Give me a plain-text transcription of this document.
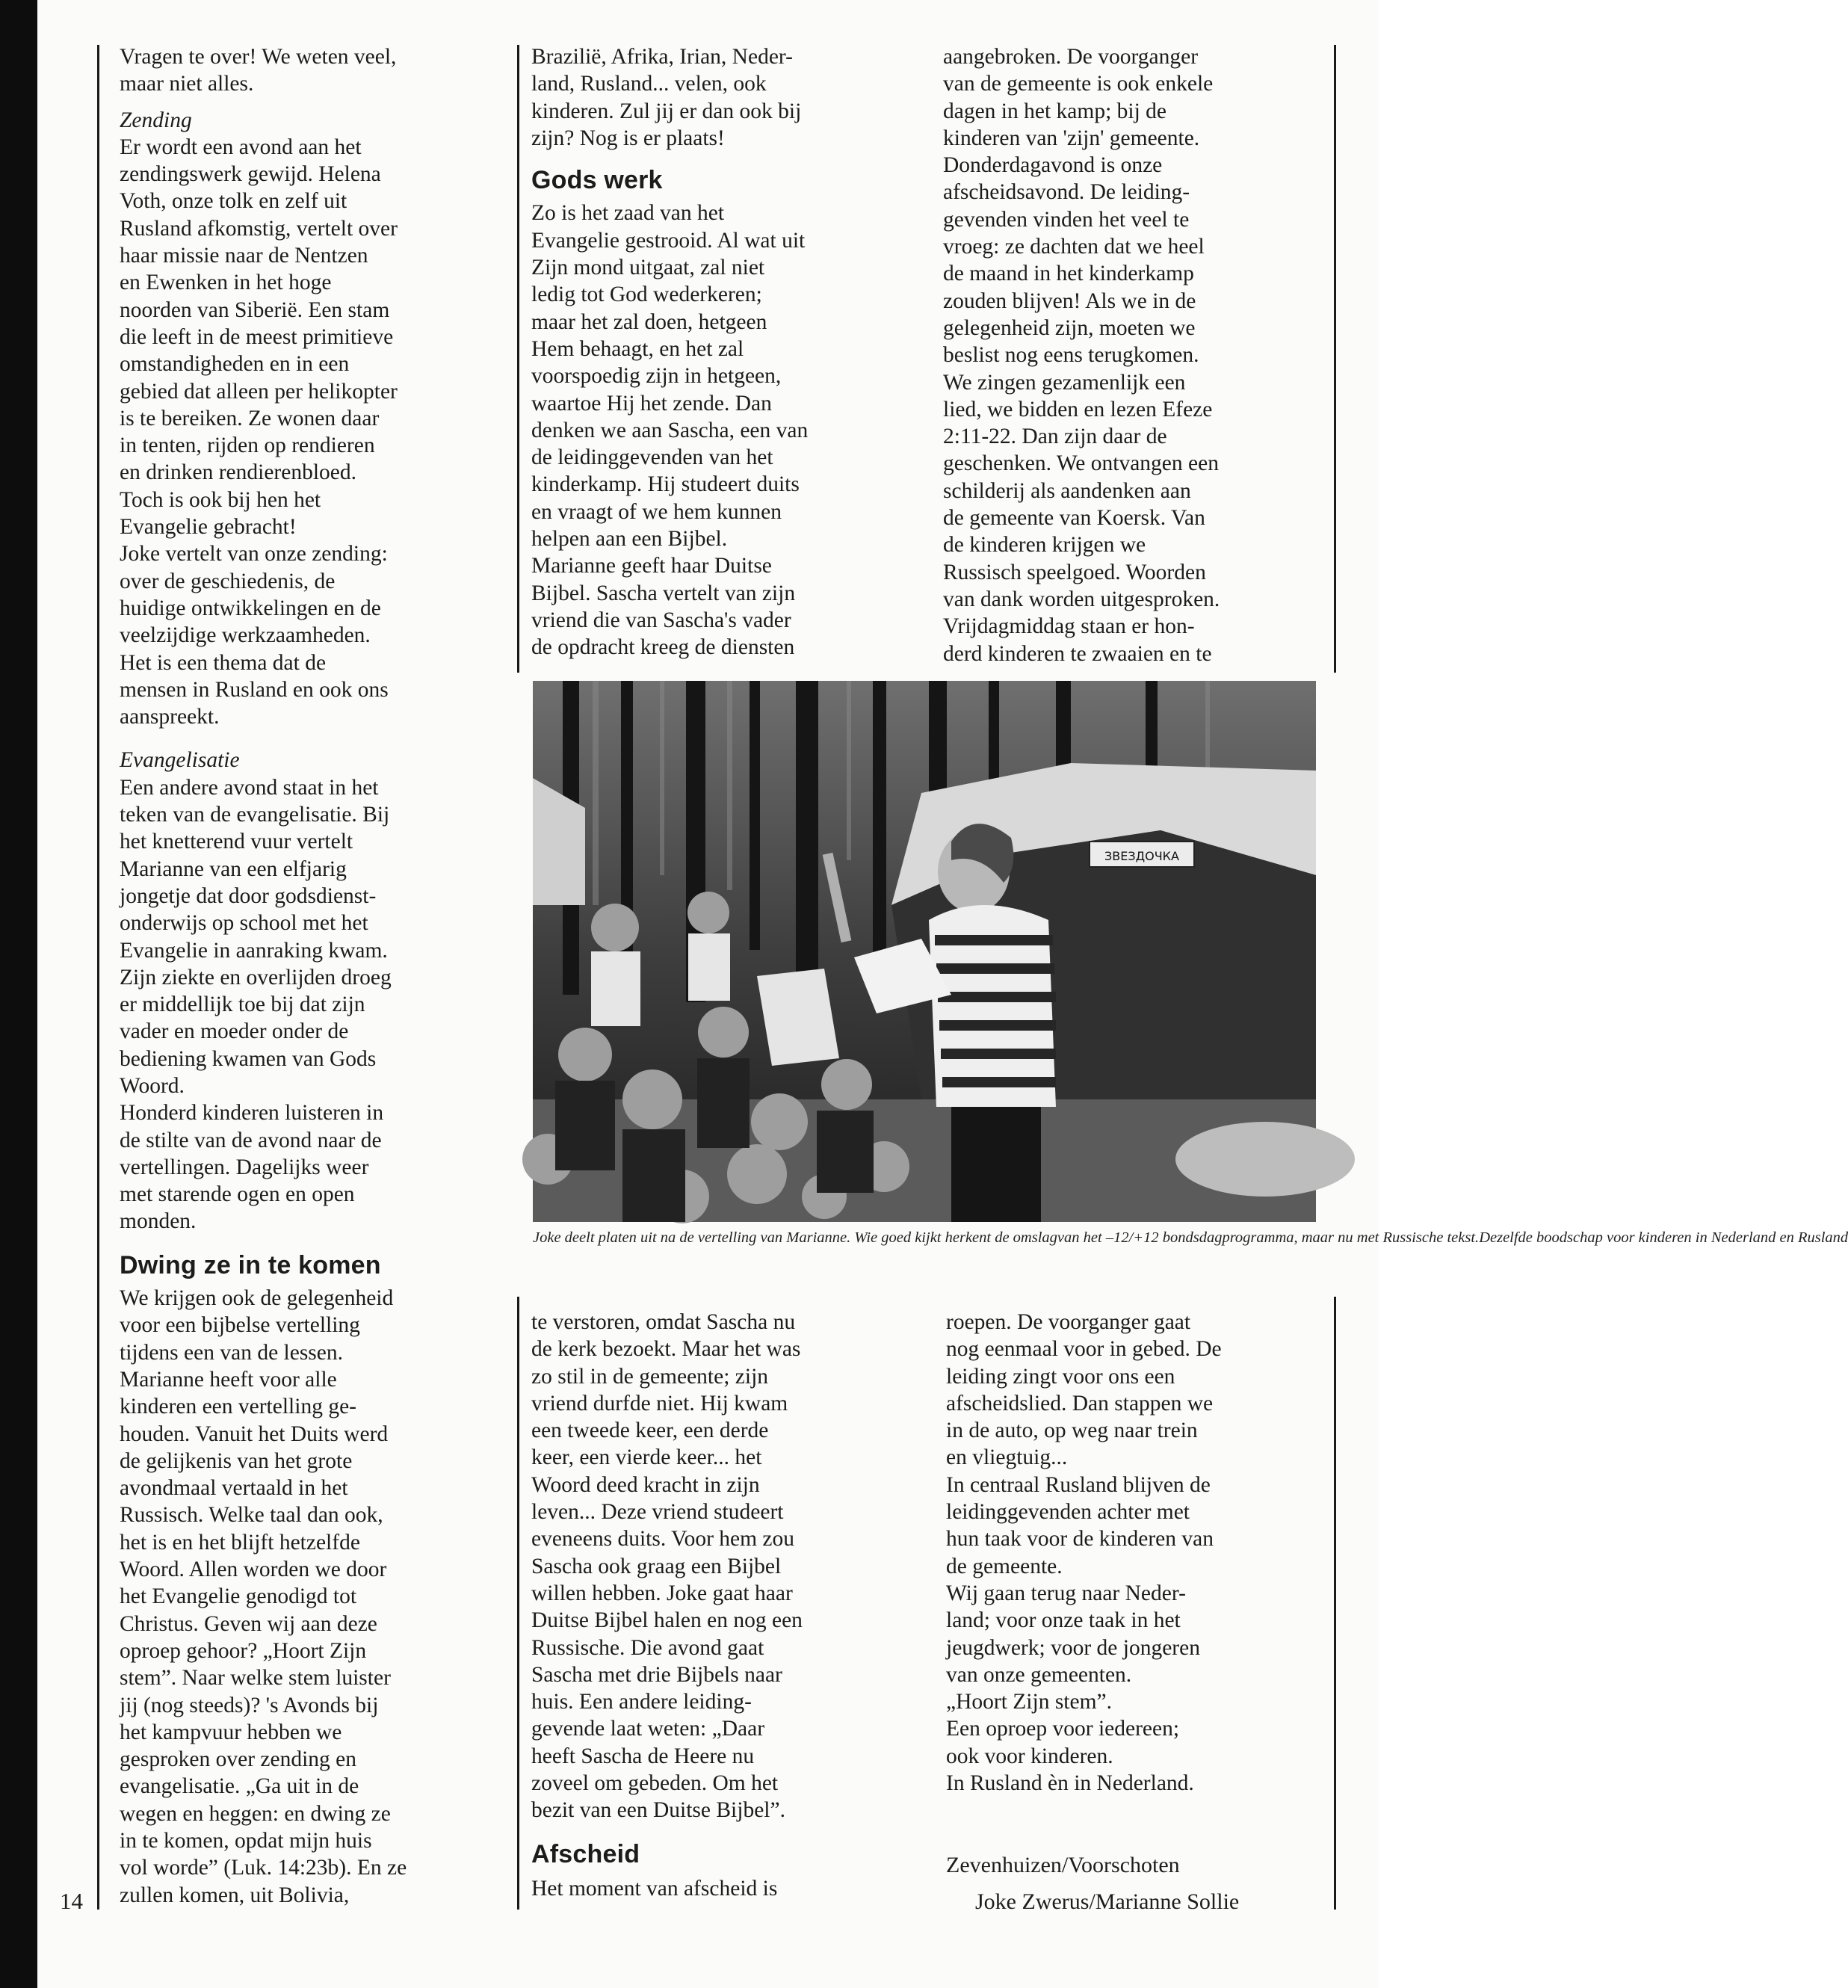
Vragen te over! We weten veel,
maar niet alles.
Zending
Er wordt een avond aan het
zendingswerk gewijd. Helena
Voth, onze tolk en zelf uit
Rusland afkomstig, vertelt over
haar missie naar de Nentzen
en Ewenken in het hoge
noorden van Siberië. Een stam
die leeft in de meest primitieve
omstandigheden en in een
gebied dat alleen per helikopter
is te bereiken. Ze wonen daar
in tenten, rijden op rendieren
en drinken rendierenbloed.
Toch is ook bij hen het
Evangelie gebracht!
Joke vertelt van onze zending:
over de geschiedenis, de
huidige ontwikkelingen en de
veelzijdige werkzaamheden.
Het is een thema dat de
mensen in Rusland en ook ons
aanspreekt.
Evangelisatie
Een andere avond staat in het
teken van de evangelisatie. Bij
het knetterend vuur vertelt
Marianne van een elfjarig
jongetje dat door godsdienst-
onderwijs op school met het
Evangelie in aanraking kwam.
Zijn ziekte en overlijden droeg
er middellijk toe bij dat zijn
vader en moeder onder de
bediening kwamen van Gods
Woord.
Honderd kinderen luisteren in
de stilte van de avond naar de
vertellingen. Dagelijks weer
met starende ogen en open
monden.
Dwing ze in te komen
We krijgen ook de gelegenheid
voor een bijbelse vertelling
tijdens een van de lessen.
Marianne heeft voor alle
kinderen een vertelling ge-
houden. Vanuit het Duits werd
de gelijkenis van het grote
avondmaal vertaald in het
Russisch. Welke taal dan ook,
het is en het blijft hetzelfde
Woord. Allen worden we door
het Evangelie genodigd tot
Christus. Geven wij aan deze
oproep gehoor? „Hoort Zijn
stem”. Naar welke stem luister
jij (nog steeds)? 's Avonds bij
het kampvuur hebben we
gesproken over zending en
evangelisatie. „Ga uit in de
wegen en heggen: en dwing ze
in te komen, opdat mijn huis
vol worde” (Luk. 14:23b). En ze
zullen komen, uit Bolivia,
Brazilië, Afrika, Irian, Neder-
land, Rusland... velen, ook
kinderen. Zul jij er dan ook bij
zijn? Nog is er plaats!
Gods werk
Zo is het zaad van het
Evangelie gestrooid. Al wat uit
Zijn mond uitgaat, zal niet
ledig tot God wederkeren;
maar het zal doen, hetgeen
Hem behaagt, en het zal
voorspoedig zijn in hetgeen,
waartoe Hij het zende. Dan
denken we aan Sascha, een van
de leidinggevenden van het
kinderkamp. Hij studeert duits
en vraagt of we hem kunnen
helpen aan een Bijbel.
Marianne geeft haar Duitse
Bijbel. Sascha vertelt van zijn
vriend die van Sascha's vader
de opdracht kreeg de diensten
aangebroken. De voorganger
van de gemeente is ook enkele
dagen in het kamp; bij de
kinderen van 'zijn' gemeente.
Donderdagavond is onze
afscheidsavond. De leiding-
gevenden vinden het veel te
vroeg: ze dachten dat we heel
de maand in het kinderkamp
zouden blijven! Als we in de
gelegenheid zijn, moeten we
beslist nog eens terugkomen.
We zingen gezamenlijk een
lied, we bidden en lezen Efeze
2:11-22. Dan zijn daar de
geschenken. We ontvangen een
schilderij als aandenken aan
de gemeente van Koersk. Van
de kinderen krijgen we
Russisch speelgoed. Woorden
van dank worden uitgesproken.
Vrijdagmiddag staan er hon-
derd kinderen te zwaaien en te
ЗВЕЗДОЧКА
Joke deelt platen uit na de vertelling van Marianne. Wie goed kijkt herkent de omslagvan het –12/+12 bondsdagprogramma, maar nu met Russische tekst.Dezelfde boodschap voor kinderen in Nederland en Rusland
te verstoren, omdat Sascha nu
de kerk bezoekt. Maar het was
zo stil in de gemeente; zijn
vriend durfde niet. Hij kwam
een tweede keer, een derde
keer, een vierde keer... het
Woord deed kracht in zijn
leven... Deze vriend studeert
eveneens duits. Voor hem zou
Sascha ook graag een Bijbel
willen hebben. Joke gaat haar
Duitse Bijbel halen en nog een
Russische. Die avond gaat
Sascha met drie Bijbels naar
huis. Een andere leiding-
gevende laat weten: „Daar
heeft Sascha de Heere nu
zoveel om gebeden. Om het
bezit van een Duitse Bijbel”.
Afscheid
Het moment van afscheid is
roepen. De voorganger gaat
nog eenmaal voor in gebed. De
leiding zingt voor ons een
afscheidslied. Dan stappen we
in de auto, op weg naar trein
en vliegtuig...
In centraal Rusland blijven de
leidinggevenden achter met
hun taak voor de kinderen van
de gemeente.
Wij gaan terug naar Neder-
land; voor onze taak in het
jeugdwerk; voor de jongeren
van onze gemeenten.
„Hoort Zijn stem”.
Een oproep voor iedereen;
ook voor kinderen.
In Rusland èn in Nederland.
Zevenhuizen/Voorschoten
Joke Zwerus/Marianne Sollie
14
